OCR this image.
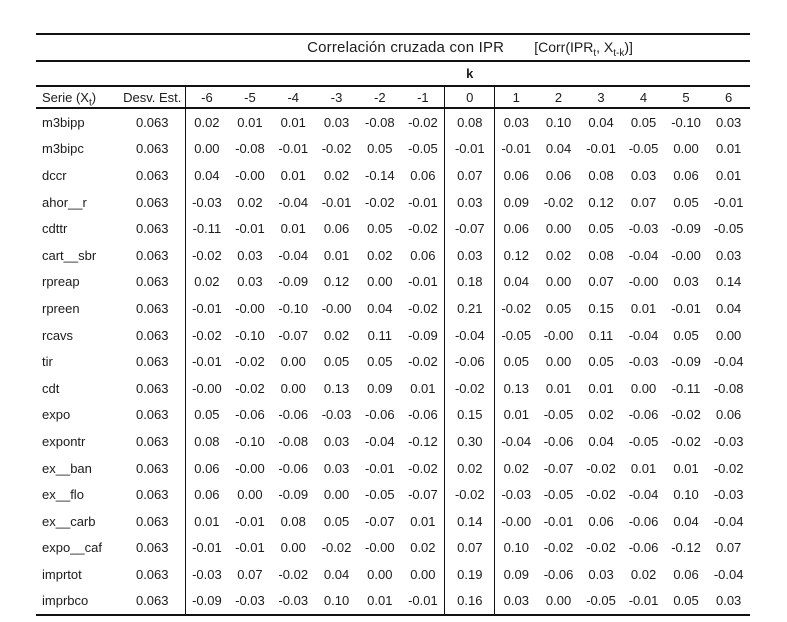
Correlación cruzada con IPR [$Corr(IPR_t$, $X_{t-k}$)]														

								k						
Serie $(X_t)$	Desv. Est.	-6	-5	-4	-3	-2	-1	0	1	2	3	4	5	6
m3bipp	0.063	0.02	0.01	0.01	0.03	-0.08	-0.02	0.08	0.03	0.10	0.04	0.05	-0.10	0.03
m3bipc	0.063	0.00	-0.08	-0.01	-0.02	0.05	-0.05	-0.01	-0.01	0.04	-0.01	-0.05	0.00	0.01
dccr	0.063	0.04	-0.00	0.01	0.02	-0.14	0.06	0.07	0.06	0.06	0.08	0.03	0.06	0.01
ahor__r	0.063	-0.03	0.02	-0.04	-0.01	-0.02	-0.01	0.03	0.09	-0.02	0.12	0.07	0.05	-0.01
cdttr	0.063	-0.11	-0.01	0.01	0.06	0.05	-0.02	-0.07	0.06	0.00	0.05	-0.03	-0.09	-0.05
cart__sbr	0.063	-0.02	0.03	-0.04	0.01	0.02	0.06	0.03	0.12	0.02	0.08	-0.04	-0.00	0.03
rpreap	0.063	0.02	0.03	-0.09	0.12	0.00	-0.01	0.18	0.04	0.00	0.07	-0.00	0.03	0.14
rpreen	0.063	-0.01	-0.00	-0.10	-0.00	0.04	-0.02	0.21	-0.02	0.05	0.15	0.01	-0.01	0.04
rcavs	0.063	-0.02	-0.10	-0.07	0.02	0.11	-0.09	-0.04	-0.05	-0.00	0.11	-0.04	0.05	0.00
tir	0.063	-0.01	-0.02	0.00	0.05	0.05	-0.02	-0.06	0.05	0.00	0.05	-0.03	-0.09	-0.04
cdt	0.063	-0.00	-0.02	0.00	0.13	0.09	0.01	-0.02	0.13	0.01	0.01	0.00	-0.11	-0.08
expo	0.063	0.05	-0.06	-0.06	-0.03	-0.06	-0.06	0.15	0.01	-0.05	0.02	-0.06	-0.02	0.06
expontr	0.063	0.08	-0.10	-0.08	0.03	-0.04	-0.12	0.30	-0.04	-0.06	0.04	-0.05	-0.02	-0.03
ex__ban	0.063	0.06	-0.00	-0.06	0.03	-0.01	-0.02	0.02	0.02	-0.07	-0.02	0.01	0.01	-0.02
ex__flo	0.063	0.06	0.00	-0.09	0.00	-0.05	-0.07	-0.02	-0.03	-0.05	-0.02	-0.04	0.10	-0.03
ex__carb	0.063	0.01	-0.01	0.08	0.05	-0.07	0.01	0.14	-0.00	-0.01	0.06	-0.06	0.04	-0.04
expo__caf	0.063	-0.01	-0.01	0.00	-0.02	-0.00	0.02	0.07	0.10	-0.02	-0.02	-0.06	-0.12	0.07
imprtot	0.063	-0.03	0.07	-0.02	0.04	0.00	0.00	0.19	0.09	-0.06	0.03	0.02	0.06	-0.04
imprbco	0.063	-0.09	-0.03	-0.03	0.10	0.01	-0.01	0.16	0.03	0.00	-0.05	-0.01	0.05	0.03
